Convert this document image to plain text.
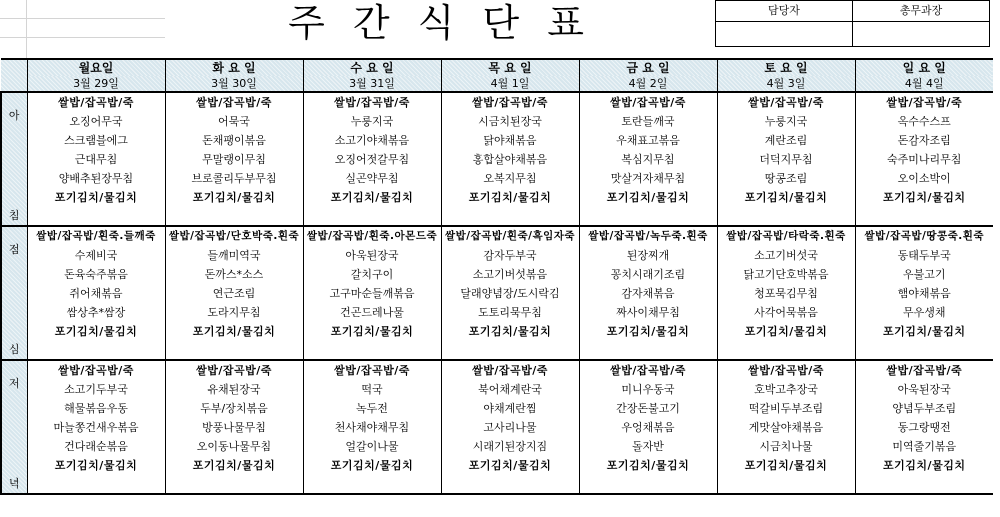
주 간 식 단 표	담당자	총무과장

	월요일	화 요 일	수 요 일	목 요 일	금 요 일	토 요 일	일 요 일
	3월 29일	3월 30일	3월 31일	4월 1일	4월 2일	4월 3일	4월 4일

아
침	쌀밥/잡곡밥/죽	쌀밥/잡곡밥/죽	쌀밥/잡곡밥/죽	쌀밥/잡곡밥/죽	쌀밥/잡곡밥/죽	쌀밥/잡곡밥/죽	쌀밥/잡곡밥/죽
	오징어무국	어묵국	누룽지국	시금치된장국	토란들깨국	누룽지국	옥수수스프
	스크램블에그	돈채팽이볶음	소고기야채볶음	닭야채볶음	우채표고볶음	계란조림	돈감자조림
	근대무침	무말랭이무침	오징어젓갈무침	홍합살야채볶음	복심지무침	더덕지무침	숙주미나리무침
	양배추된장무침	브로콜리두부무침	실곤약무침	오복지무침	맛살겨자채무침	땅콩조림	오이소박이
	포기김치/물김치	포기김치/물김치	포기김치/물김치	포기김치/물김치	포기김치/물김치	포기김치/물김치	포기김치/물김치

점
심	쌀밥/잡곡밥/흰죽.들깨죽	쌀밥/잡곡밥/단호박죽.흰죽	쌀밥/잡곡밥/흰죽.아몬드죽	쌀밥/잡곡밥/흰죽/흑임자죽	쌀밥/잡곡밥/녹두죽.흰죽	쌀밥/잡곡밥/타락죽.흰죽	쌀밥/잡곡밥/땅콩죽.흰죽
	수제비국	들깨미역국	아욱된장국	감자두부국	된장찌개	소고기버섯국	동태두부국
	돈육숙주볶음	돈까스*소스	갈치구이	소고기버섯볶음	꽁치시래기조림	닭고기단호박볶음	우불고기
	쥐어채볶음	연근조림	고구마순들깨볶음	달래양념장/도시락김	감자채볶음	청포묵김무침	햄야채볶음
	쌈상추*쌈장	도라지무침	건곤드레나물	도토리묵무침	짜사이채무침	사각어묵볶음	무우생채
	포기김치/물김치	포기김치/물김치	포기김치/물김치	포기김치/물김치	포기김치/물김치	포기김치/물김치	포기김치/물김치

저
녁	쌀밥/잡곡밥/죽	쌀밥/잡곡밥/죽	쌀밥/잡곡밥/죽	쌀밥/잡곡밥/죽	쌀밥/잡곡밥/죽	쌀밥/잡곡밥/죽	쌀밥/잡곡밥/죽
	소고기두부국	유채된장국	떡국	북어채계란국	미니우동국	호박고추장국	아욱된장국
	해물볶음우동	두부/장치볶음	녹두전	야채계란찜	간장돈불고기	떡갈비두부조림	양념두부조림
	마늘쫑건새우볶음	방풍나물무침	천사채야채무침	고사리나물	우엉채볶음	게맛살야채볶음	동그랑땡전
	건다래순볶음	오이동나물무침	얼갈이나물	시래기된장지짐	돌자반	시금치나물	미역줄기볶음
	포기김치/물김치	포기김치/물김치	포기김치/물김치	포기김치/물김치	포기김치/물김치	포기김치/물김치	포기김치/물김치
